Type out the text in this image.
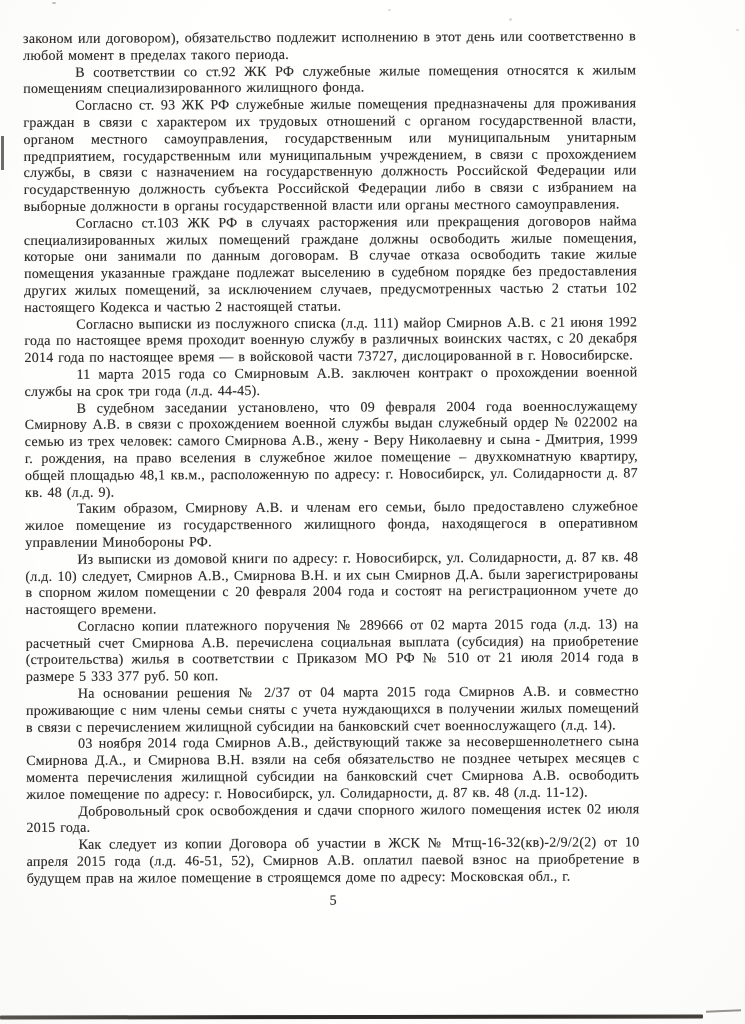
законом или договором), обязательство подлежит исполнению в этот день или соответственно в любой момент в пределах такого периода.

В соответствии со ст.92 ЖК РФ служебные жилые помещения относятся к жилым помещениям специализированного жилищного фонда.

Согласно ст. 93 ЖК РФ служебные жилые помещения предназначены для проживания граждан в связи с характером их трудовых отношений с органом государственной власти, органом местного самоуправления, государственным или муниципальным унитарным предприятием, государственным или муниципальным учреждением, в связи с прохождением службы, в связи с назначением на государственную должность Российской Федерации или государственную должность субъекта Российской Федерации либо в связи с избранием на выборные должности в органы государственной власти или органы местного самоуправления.

Согласно ст.103 ЖК РФ в случаях расторжения или прекращения договоров найма специализированных жилых помещений граждане должны освободить жилые помещения, которые они занимали по данным договорам. В случае отказа освободить такие жилые помещения указанные граждане подлежат выселению в судебном порядке без предоставления других жилых помещений, за исключением случаев, предусмотренных частью 2 статьи 102 настоящего Кодекса и частью 2 настоящей статьи.

Согласно выписки из послужного списка (л.д. 111) майор Смирнов А.В. с 21 июня 1992 года по настоящее время проходит военную службу в различных воинских частях, с 20 декабря 2014 года по настоящее время — в войсковой части 73727, дислоцированной в г. Новосибирске.

11 марта 2015 года со Смирновым А.В. заключен контракт о прохождении военной службы на срок три года (л.д. 44-45).

В судебном заседании установлено, что 09 февраля 2004 года военнослужащему Смирнову А.В. в связи с прохождением военной службы выдан служебный ордер № 022002 на семью из трех человек: самого Смирнова А.В., жену - Веру Николаевну и сына - Дмитрия, 1999 г. рождения, на право вселения в служебное жилое помещение – двухкомнатную квартиру, общей площадью 48,1 кв.м., расположенную по адресу: г. Новосибирск, ул. Солидарности д. 87 кв. 48 (л.д. 9).

Таким образом, Смирнову А.В. и членам его семьи, было предоставлено служебное жилое помещение из государственного жилищного фонда, находящегося в оперативном управлении Минобороны РФ.

Из выписки из домовой книги по адресу: г. Новосибирск, ул. Солидарности, д. 87 кв. 48 (л.д. 10) следует, Смирнов А.В., Смирнова В.Н. и их сын Смирнов Д.А. были зарегистрированы в спорном жилом помещении с 20 февраля 2004 года и состоят на регистрационном учете до настоящего времени.

Согласно копии платежного поручения № 289666 от 02 марта 2015 года (л.д. 13) на расчетный счет Смирнова А.В. перечислена социальная выплата (субсидия) на приобретение (строительства) жилья в соответствии с Приказом МО РФ № 510 от 21 июля 2014 года в размере 5 333 377 руб. 50 коп.

На основании решения № 2/37 от 04 марта 2015 года Смирнов А.В. и совместно проживающие с ним члены семьи сняты с учета нуждающихся в получении жилых помещений в связи с перечислением жилищной субсидии на банковский счет военнослужащего (л.д. 14).

03 ноября 2014 года Смирнов А.В., действующий также за несовершеннолетнего сына Смирнова Д.А., и Смирнова В.Н. взяли на себя обязательство не позднее четырех месяцев с момента перечисления жилищной субсидии на банковский счет Смирнова А.В. освободить жилое помещение по адресу: г. Новосибирск, ул. Солидарности, д. 87 кв. 48 (л.д. 11-12).

Добровольный срок освобождения и сдачи спорного жилого помещения истек 02 июля 2015 года.

Как следует из копии Договора об участии в ЖСК № Мтщ-16-32(кв)-2/9/2(2) от 10 апреля 2015 года (л.д. 46-51, 52), Смирнов А.В. оплатил паевой взнос на приобретение в будущем прав на жилое помещение в строящемся доме по адресу: Московская обл., г.

5
